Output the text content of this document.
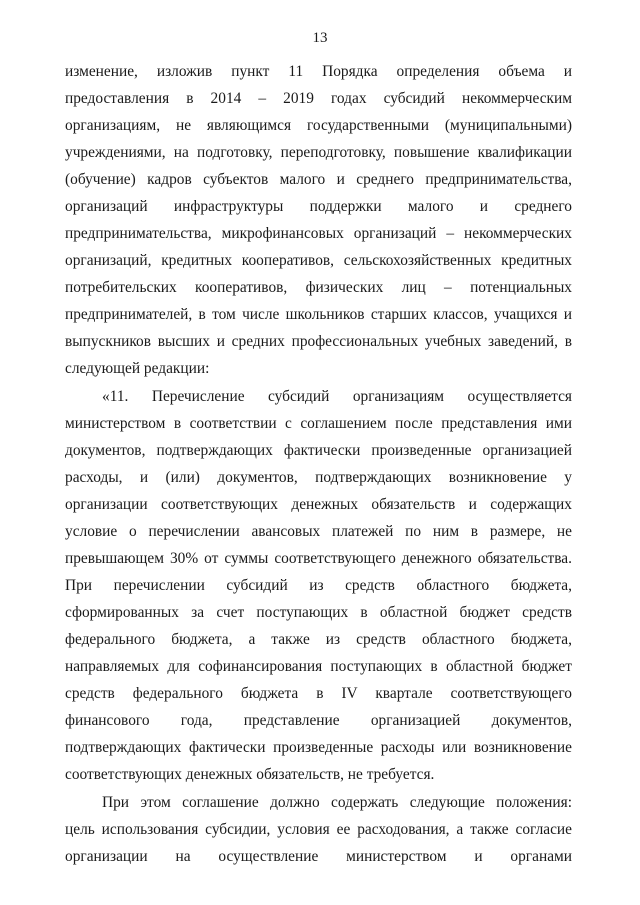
13
изменение, изложив пункт 11 Порядка определения объема и
предоставления в 2014 – 2019 годах субсидий некоммерческим
организациям, не являющимся государственными (муниципальными)
учреждениями, на подготовку, переподготовку, повышение квалификации
(обучение) кадров субъектов малого и среднего предпринимательства,
организаций инфраструктуры поддержки малого и среднего
предпринимательства, микрофинансовых организаций – некоммерческих
организаций, кредитных кооперативов, сельскохозяйственных кредитных
потребительских кооперативов, физических лиц – потенциальных
предпринимателей, в том числе школьников старших классов, учащихся и
выпускников высших и средних профессиональных учебных заведений, в
следующей редакции:
«11. Перечисление субсидий организациям осуществляется
министерством в соответствии с соглашением после представления ими
документов, подтверждающих фактически произведенные организацией
расходы, и (или) документов, подтверждающих возникновение у
организации соответствующих денежных обязательств и содержащих
условие о перечислении авансовых платежей по ним в размере, не
превышающем 30% от суммы соответствующего денежного обязательства.
При перечислении субсидий из средств областного бюджета,
сформированных за счет поступающих в областной бюджет средств
федерального бюджета, а также из средств областного бюджета,
направляемых для софинансирования поступающих в областной бюджет
средств федерального бюджета в IV квартале соответствующего
финансового года, представление организацией документов,
подтверждающих фактически произведенные расходы или возникновение
соответствующих денежных обязательств, не требуется.
При этом соглашение должно содержать следующие положения:
цель использования субсидии, условия ее расходования, а также согласие
организации на осуществление министерством и органами
